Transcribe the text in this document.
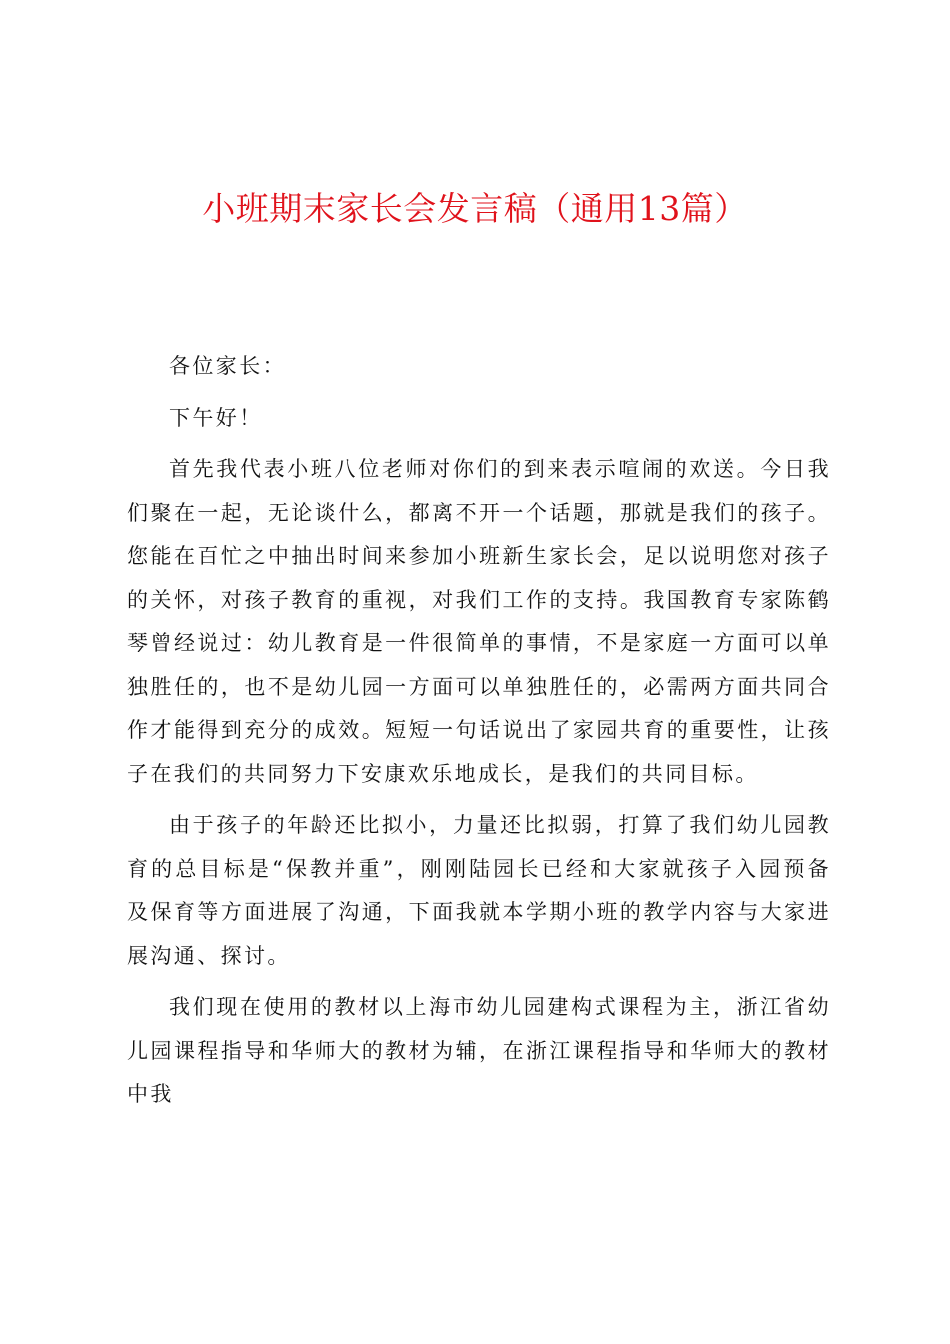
小班期末家长会发言稿（通用13篇）

各位家长：

下午好！

首先我代表小班八位老师对你们的到来表示喧闹的欢送。今日我们聚在一起，无论谈什么，都离不开一个话题，那就是我们的孩子。您能在百忙之中抽出时间来参加小班新生家长会，足以说明您对孩子的关怀，对孩子教育的重视，对我们工作的支持。我国教育专家陈鹤琴曾经说过：幼儿教育是一件很简单的事情，不是家庭一方面可以单独胜任的，也不是幼儿园一方面可以单独胜任的，必需两方面共同合作才能得到充分的成效。短短一句话说出了家园共育的重要性，让孩子在我们的共同努力下安康欢乐地成长，是我们的共同目标。

由于孩子的年龄还比拟小，力量还比拟弱，打算了我们幼儿园教育的总目标是“保教并重”，刚刚陆园长已经和大家就孩子入园预备及保育等方面进展了沟通，下面我就本学期小班的教学内容与大家进展沟通、探讨。

我们现在使用的教材以上海市幼儿园建构式课程为主，浙江省幼儿园课程指导和华师大的教材为辅，在浙江课程指导和华师大的教材中我
